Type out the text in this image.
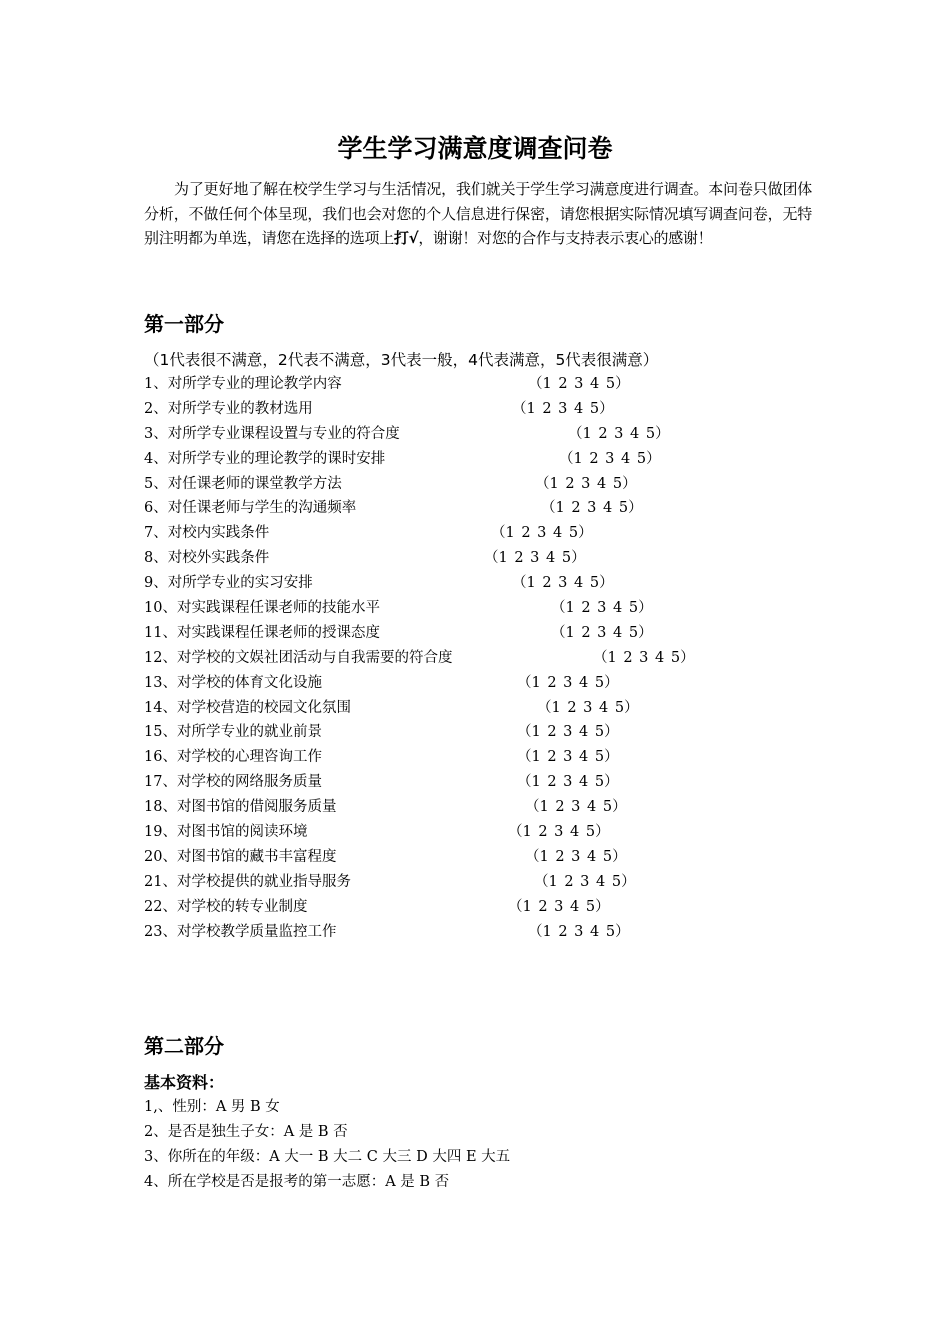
学生学习满意度调查问卷
为了更好地了解在校学生学习与生活情况，我们就关于学生学习满意度进行调查。本问卷只做团体分析，不做任何个体呈现，我们也会对您的个人信息进行保密，请您根据实际情况填写调查问卷，无特别注明都为单选，请您在选择的选项上打√，谢谢！对您的合作与支持表示衷心的感谢！
第一部分
（1代表很不满意，2代表不满意，3代表一般，4代表满意，5代表很满意）
1、对所学专业的理论教学内容	（1 2 3 4 5）
2、对所学专业的教材选用	（1 2 3 4 5）
3、对所学专业课程设置与专业的符合度	（1 2 3 4 5）
4、对所学专业的理论教学的课时安排	（1 2 3 4 5）
5、对任课老师的课堂教学方法	（1 2 3 4 5）
6、对任课老师与学生的沟通频率	（1 2 3 4 5）
7、对校内实践条件	（1 2 3 4 5）
8、对校外实践条件	（1 2 3 4 5）
9、对所学专业的实习安排	（1 2 3 4 5）
10、对实践课程任课老师的技能水平	（1 2 3 4 5）
11、对实践课程任课老师的授课态度	（1 2 3 4 5）
12、对学校的文娱社团活动与自我需要的符合度	（1 2 3 4 5）
13、对学校的体育文化设施	（1 2 3 4 5）
14、对学校营造的校园文化氛围	（1 2 3 4 5）
15、对所学专业的就业前景	（1 2 3 4 5）
16、对学校的心理咨询工作	（1 2 3 4 5）
17、对学校的网络服务质量	（1 2 3 4 5）
18、对图书馆的借阅服务质量	（1 2 3 4 5）
19、对图书馆的阅读环境	（1 2 3 4 5）
20、对图书馆的藏书丰富程度	（1 2 3 4 5）
21、对学校提供的就业指导服务	（1 2 3 4 5）
22、对学校的转专业制度	（1 2 3 4 5）
23、对学校教学质量监控工作	（1 2 3 4 5）
第二部分
基本资料：
1,、性别：A 男 B 女
2、是否是独生子女：A 是 B 否
3、你所在的年级：A 大一 B 大二 C 大三 D 大四 E 大五
4、所在学校是否是报考的第一志愿：A 是 B 否
